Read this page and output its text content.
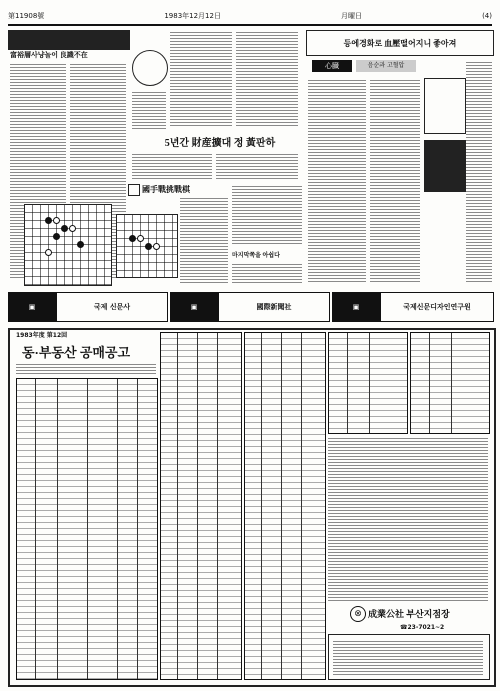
第11908號	1983年12月12日	月曜日	(4)
富裕層사냥놀이 良識不在
5년간 財産擴대 정 黃판하
國手戰挑戰棋
마지막쪽을 아쉽다
등에경화로 血壓떨어지니 좋아져
心臓	음순과 고혈압
▣	국제 신문사	▣	國際新聞社	▣	국제신문디자인연구원
1983年度 第12回
동·부동산 공매공고
⊗ 成業公社 부산지점장
☎23-7021~2
